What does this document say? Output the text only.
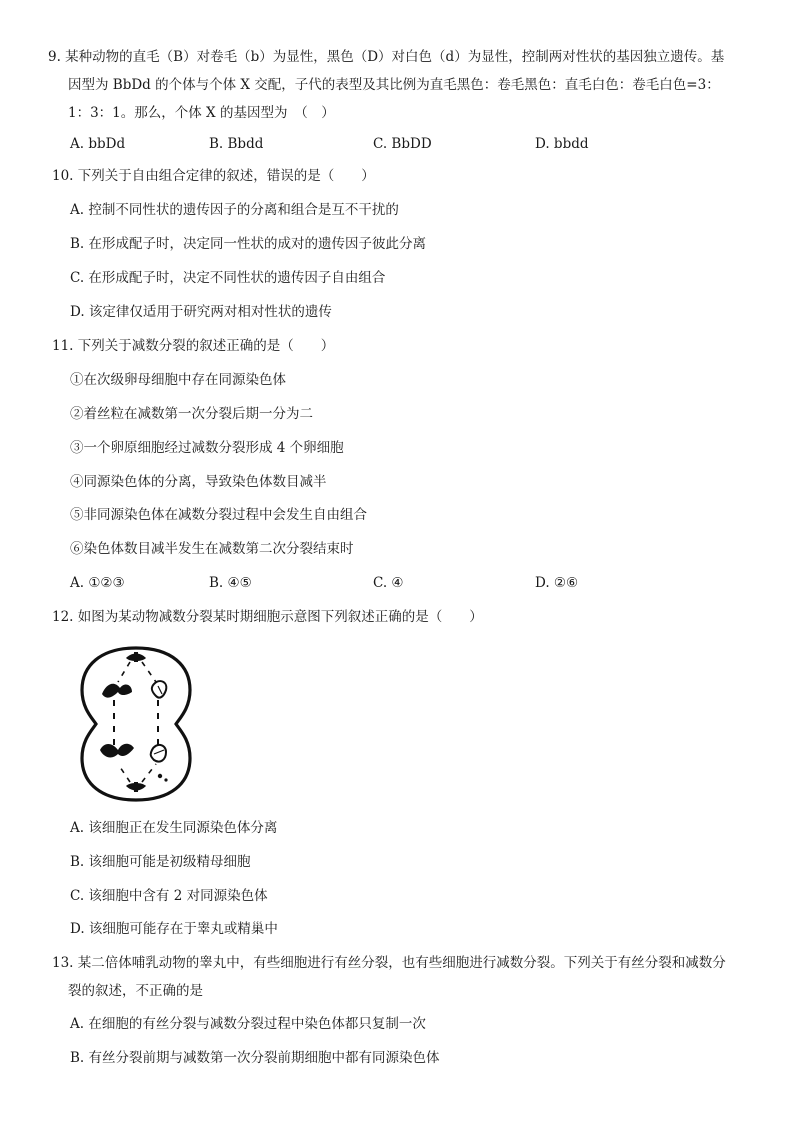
9. 某种动物的直毛（B）对卷毛（b）为显性，黑色（D）对白色（d）为显性，控制两对性状的基因独立遗传。基
因型为 BbDd 的个体与个体 X 交配，子代的表型及其比例为直毛黑色：卷毛黑色：直毛白色：卷毛白色=3：
1：3：1。那么，个体 X 的基因型为　（　）
A. bbDd	B. Bbdd	C. BbDD	D. bbdd
10. 下列关于自由组合定律的叙述，错误的是（　　）
A. 控制不同性状的遗传因子的分离和组合是互不干扰的
B. 在形成配子时，决定同一性状的成对的遗传因子彼此分离
C. 在形成配子时，决定不同性状的遗传因子自由组合
D. 该定律仅适用于研究两对相对性状的遗传
11. 下列关于减数分裂的叙述正确的是（　　）
①在次级卵母细胞中存在同源染色体
②着丝粒在减数第一次分裂后期一分为二
③一个卵原细胞经过减数分裂形成 4 个卵细胞
④同源染色体的分离，导致染色体数目减半
⑤非同源染色体在减数分裂过程中会发生自由组合
⑥染色体数目减半发生在减数第二次分裂结束时
A. ①②③	B. ④⑤	C. ④	D. ②⑥
12. 如图为某动物减数分裂某时期细胞示意图下列叙述正确的是（　　）
A. 该细胞正在发生同源染色体分离
B. 该细胞可能是初级精母细胞
C. 该细胞中含有 2 对同源染色体
D. 该细胞可能存在于睾丸或精巢中
13. 某二倍体哺乳动物的睾丸中，有些细胞进行有丝分裂，也有些细胞进行减数分裂。下列关于有丝分裂和减数分
裂的叙述，不正确的是
A. 在细胞的有丝分裂与减数分裂过程中染色体都只复制一次
B. 有丝分裂前期与减数第一次分裂前期细胞中都有同源染色体
